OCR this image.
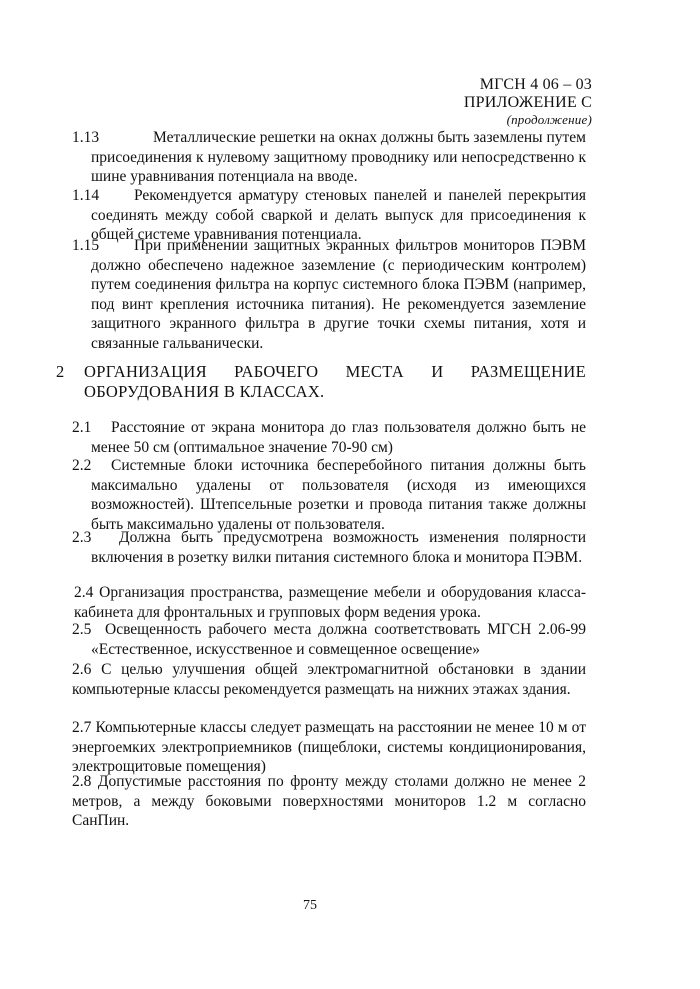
МГСН 4 06 – 03
ПРИЛОЖЕНИЕ С
(продолжение)
1.13	Металлические решетки на окнах должны быть заземлены путем присоединения к нулевому защитному проводнику или непосредственно к шине уравнивания потенциала на вводе.
1.14	Рекомендуется арматуру стеновых панелей и панелей перекрытия соединять между собой сваркой и делать выпуск для присоединения к общей системе уравнивания потенциала.
1.15	При применении защитных экранных фильтров мониторов ПЭВМ должно обеспечено надежное заземление (с периодическим контролем) путем соединения фильтра на корпус системного блока ПЭВМ (например, под винт крепления источника питания). Не рекомендуется заземление защитного экранного фильтра в другие точки схемы питания, хотя и связанные гальванически.
2	ОРГАНИЗАЦИЯ РАБОЧЕГО МЕСТА И РАЗМЕЩЕНИЕ ОБОРУДОВАНИЯ В КЛАССАХ.
2.1	Расстояние от экрана монитора до глаз пользователя должно быть не менее 50 см (оптимальное значение 70-90 см)
2.2	Системные блоки источника бесперебойного питания должны быть максимально удалены от пользователя (исходя из имеющихся возможностей). Штепсельные розетки и провода питания также должны быть максимально удалены от пользователя.
2.3	Должна быть предусмотрена возможность изменения полярности включения в розетку вилки питания системного блока и монитора ПЭВМ.
2.4 Организация пространства, размещение мебели и оборудования класса-кабинета для фронтальных и групповых форм ведения урока.
2.5 Освещенность рабочего места должна соответствовать МГСН 2.06-99 «Естественное, искусственное и совмещенное освещение»
2.6 С целью улучшения общей электромагнитной обстановки в здании компьютерные классы рекомендуется размещать на нижних этажах здания.
2.7 Компьютерные классы следует размещать на расстоянии не менее 10 м от энергоемких электроприемников (пищеблоки, системы кондиционирования, электрощитовые помещения)
2.8 Допустимые расстояния по фронту между столами должно не менее 2 метров, а между боковыми поверхностями мониторов 1.2 м согласно СанПин.
75
